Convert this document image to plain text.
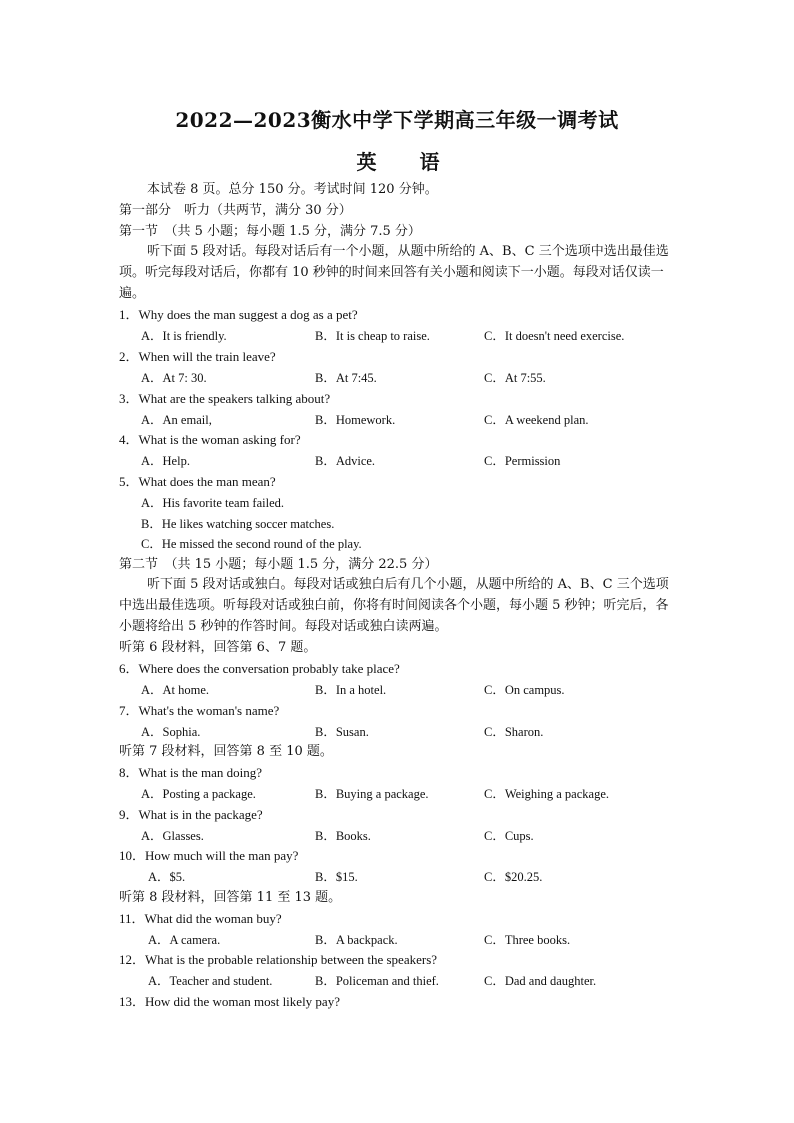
2022—2023衡水中学下学期高三年级一调考试
英 语
本试卷 8 页。总分 150 分。考试时间 120 分钟。
第一部分　听力（共两节，满分 30 分）
第一节　（共 5 小题；每小题 1.5 分，满分 7.5 分）
听下面 5 段对话。每段对话后有一个小题，从题中所给的 A、B、C 三个选项中选出最佳选项。听完每段对话后，你都有 10 秒钟的时间来回答有关小题和阅读下一小题。每段对话仅读一遍。
1．Why does the man suggest a dog as a pet?
A．It is friendly.	B．It is cheap to raise.	C．It doesn't need exercise.
2．When will the train leave?
A．At 7: 30.	B．At 7:45.	C．At 7:55.
3．What are the speakers talking about?
A．An email,	B．Homework.	C．A weekend plan.
4．What is the woman asking for?
A．Help.	B．Advice.	C．Permission
5．What does the man mean?
A．His favorite team failed.
B．He likes watching soccer matches.
C．He missed the second round of the play.
第二节　（共 15 小题；每小题 1.5 分，满分 22.5 分）
听下面 5 段对话或独白。每段对话或独白后有几个小题，从题中所给的 A、B、C 三个选项中选出最佳选项。听每段对话或独白前，你将有时间阅读各个小题，每小题 5 秒钟；听完后，各小题将给出 5 秒钟的作答时间。每段对话或独白读两遍。
听第 6 段材料，回答第 6、7 题。
6．Where does the conversation probably take place?
A．At home.	B．In a hotel.	C．On campus.
7．What's the woman's name?
A．Sophia.	B．Susan.	C．Sharon.
听第 7 段材料，回答第 8 至 10 题。
8．What is the man doing?
A．Posting a package.	B．Buying a package.	C．Weighing a package.
9．What is in the package?
A．Glasses.	B．Books.	C．Cups.
10．How much will the man pay?
A．$5.	B．$15.	C．$20.25.
听第 8 段材料，回答第 11 至 13 题。
11．What did the woman buy?
A．A camera.	B．A backpack.	C．Three books.
12．What is the probable relationship between the speakers?
A．Teacher and student.	B．Policeman and thief.	C．Dad and daughter.
13．How did the woman most likely pay?
